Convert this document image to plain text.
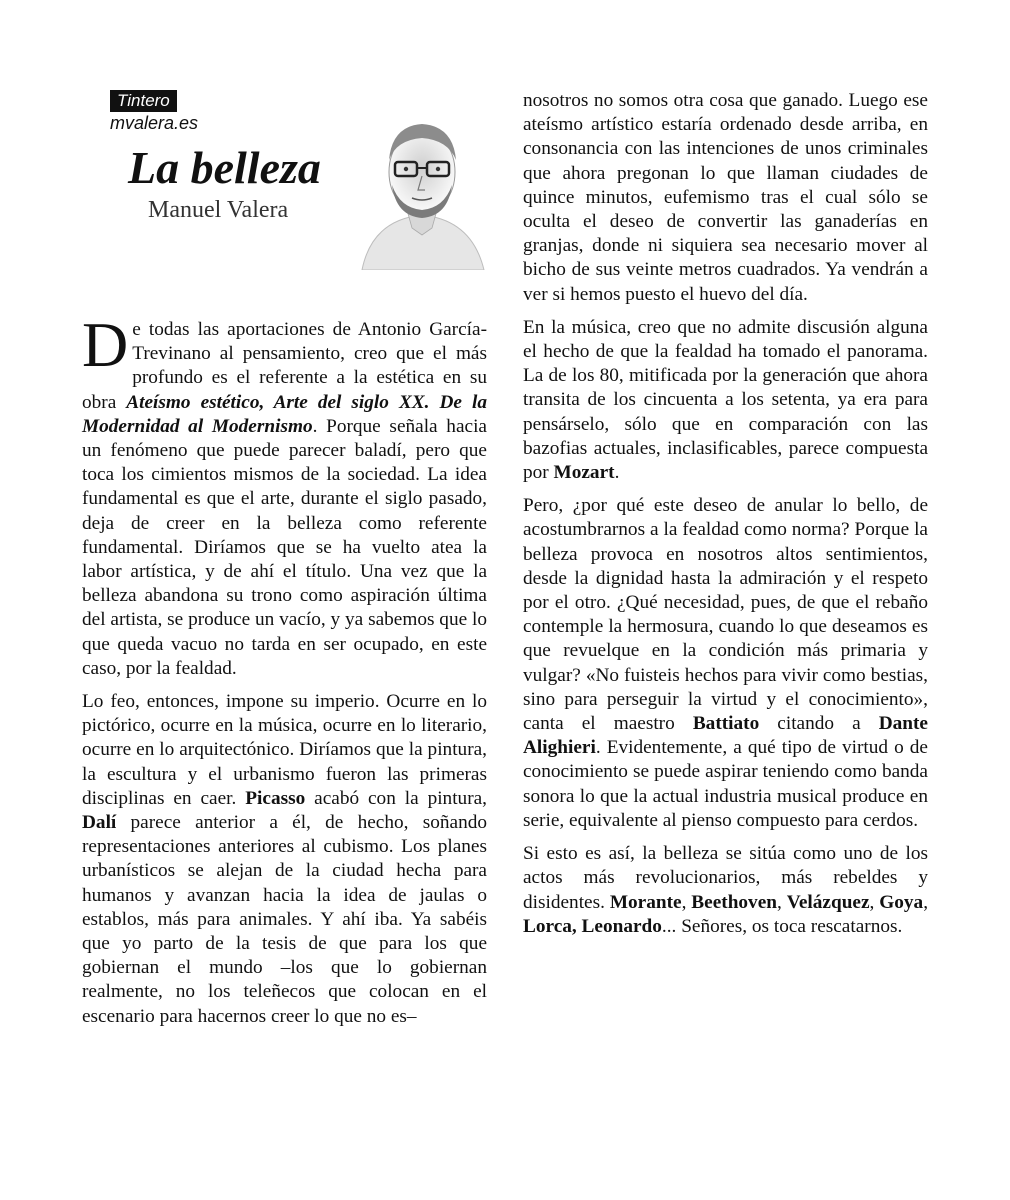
Tintero
mvalera.es
La belleza
Manuel Valera

De todas las aportaciones de Antonio García-Trevinano al pensamiento, creo que el más profundo es el referente a la estética en su obra Ateísmo estético, Arte del siglo XX. De la Modernidad al Modernismo. Porque señala hacia un fenómeno que puede parecer baladí, pero que toca los cimientos mismos de la sociedad. La idea fundamental es que el arte, durante el siglo pasado, deja de creer en la belleza como referente fundamental. Diríamos que se ha vuelto atea la labor artística, y de ahí el título. Una vez que la belleza abandona su trono como aspiración última del artista, se produce un vacío, y ya sabemos que lo que queda vacuo no tarda en ser ocupado, en este caso, por la fealdad.

Lo feo, entonces, impone su imperio. Ocurre en lo pictórico, ocurre en la música, ocurre en lo literario, ocurre en lo arquitectónico. Diríamos que la pintura, la escultura y el urbanismo fueron las primeras disciplinas en caer. Picasso acabó con la pintura, Dalí parece anterior a él, de hecho, soñando representaciones anteriores al cubismo. Los planes urbanísticos se alejan de la ciudad hecha para humanos y avanzan hacia la idea de jaulas o establos, más para animales. Y ahí iba. Ya sabéis que yo parto de la tesis de que para los que gobiernan el mundo –los que lo gobiernan realmente, no los teleñecos que colocan en el escenario para hacernos creer lo que no es–

nosotros no somos otra cosa que ganado. Luego ese ateísmo artístico estaría ordenado desde arriba, en consonancia con las intenciones de unos criminales que ahora pregonan lo que llaman ciudades de quince minutos, eufemismo tras el cual sólo se oculta el deseo de convertir las ganaderías en granjas, donde ni siquiera sea necesario mover al bicho de sus veinte metros cuadrados. Ya vendrán a ver si hemos puesto el huevo del día.

En la música, creo que no admite discusión alguna el hecho de que la fealdad ha tomado el panorama. La de los 80, mitificada por la generación que ahora transita de los cincuenta a los setenta, ya era para pensárselo, sólo que en comparación con las bazofias actuales, inclasificables, parece compuesta por Mozart.

Pero, ¿por qué este deseo de anular lo bello, de acostumbrarnos a la fealdad como norma? Porque la belleza provoca en nosotros altos sentimientos, desde la dignidad hasta la admiración y el respeto por el otro. ¿Qué necesidad, pues, de que el rebaño contemple la hermosura, cuando lo que deseamos es que revuelque en la condición más primaria y vulgar? «No fuisteis hechos para vivir como bestias, sino para perseguir la virtud y el conocimiento», canta el maestro Battiato citando a Dante Alighieri. Evidentemente, a qué tipo de virtud o de conocimiento se puede aspirar teniendo como banda sonora lo que la actual industria musical produce en serie, equivalente al pienso compuesto para cerdos.

Si esto es así, la belleza se sitúa como uno de los actos más revolucionarios, más rebeldes y disidentes. Morante, Beethoven, Velázquez, Goya, Lorca, Leonardo... Señores, os toca rescatarnos.
